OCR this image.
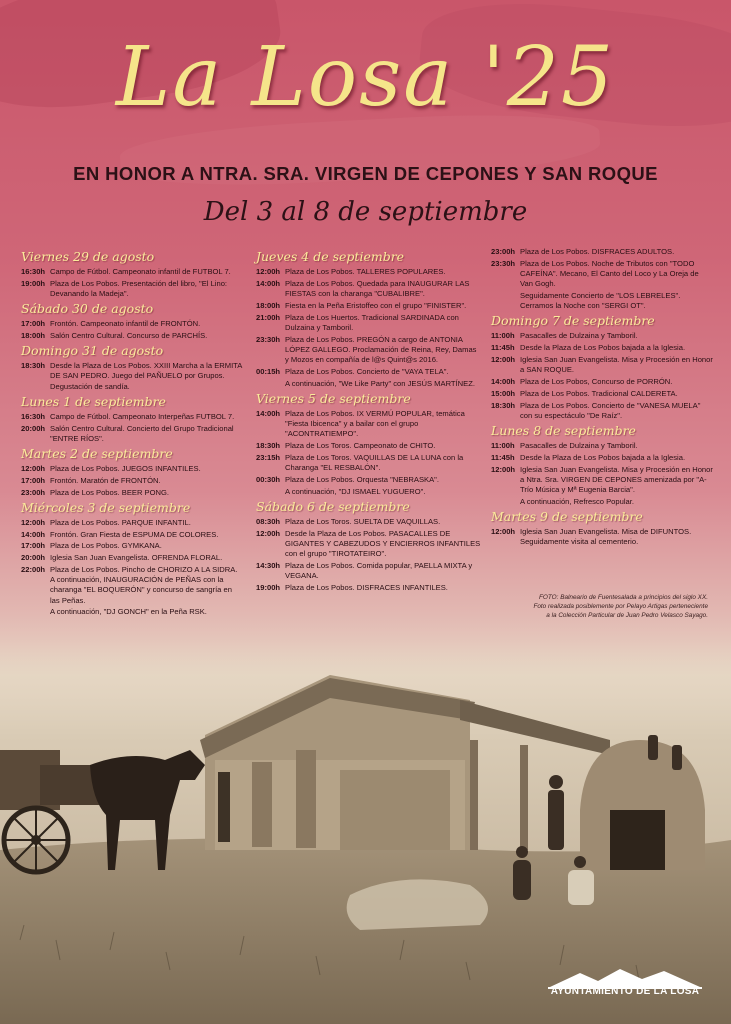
La Losa '25
EN HONOR A NTRA. SRA. VIRGEN DE CEPONES Y SAN ROQUE
Del 3 al 8 de septiembre
Viernes 29 de agosto
16:30h Campo de Fútbol. Campeonato infantil de FUTBOL 7.
19:00h Plaza de Los Pobos. Presentación del libro, "El Lino: Devanando la Madeja".
Sábado 30 de agosto
17:00h Frontón. Campeonato infantil de FRONTÓN.
18:00h Salón Centro Cultural. Concurso de PARCHÍS.
Domingo 31 de agosto
18:30h Desde la Plaza de Los Pobos. XXIII Marcha a la ERMITA DE SAN PEDRO. Juego del PAÑUELO por Grupos. Degustación de sandía.
Lunes 1 de septiembre
16:30h Campo de Fútbol. Campeonato Interpeñas FUTBOL 7.
20:00h Salón Centro Cultural. Concierto del Grupo Tradicional "ENTRE RÍOS".
Martes 2 de septiembre
12:00h Plaza de Los Pobos. JUEGOS INFANTILES.
17:00h Frontón. Maratón de FRONTÓN.
23:00h Plaza de Los Pobos. BEER PONG.
Miércoles 3 de septiembre
12:00h Plaza de Los Pobos. PARQUE INFANTIL.
14:00h Frontón. Gran Fiesta de ESPUMA DE COLORES.
17:00h Plaza de Los Pobos. GYMKANA.
20:00h Iglesia San Juan Evangelista. OFRENDA FLORAL.
22:00h Plaza de Los Pobos. Pincho de CHORIZO A LA SIDRA. A continuación, INAUGURACIÓN de PEÑAS con la charanga "EL BOQUERÓN" y concurso de sangría en las Peñas.
A continuación, "DJ GONCH" en la Peña RSK.
Jueves 4 de septiembre
12:00h Plaza de Los Pobos. TALLERES POPULARES.
14:00h Plaza de Los Pobos. Quedada para INAUGURAR LAS FIESTAS con la charanga "CUBALIBRE".
18:00h Fiesta en la Peña Eristoffeo con el grupo "FINISTER".
21:00h Plaza de Los Huertos. Tradicional SARDINADA con Dulzaina y Tamboril.
23:30h Plaza de Los Pobos. PREGÓN a cargo de ANTONIA LÓPEZ GALLEGO. Proclamación de Reina, Rey, Damas y Mozos en compañía de l@s Quint@s 2016.
00:15h Plaza de Los Pobos. Concierto de "VAYA TELA".
A continuación, "We Like Party" con JESÚS MARTÍNEZ.
Viernes 5 de septiembre
14:00h Plaza de Los Pobos. IX VERMÚ POPULAR, temática "Fiesta Ibicenca" y a bailar con el grupo "ACONTRATIEMPO".
18:30h Plaza de Los Toros. Campeonato de CHITO.
23:15h Plaza de Los Toros. VAQUILLAS DE LA LUNA con la Charanga "EL RESBALÓN".
00:30h Plaza de Los Pobos. Orquesta "NEBRASKA".
A continuación, "DJ ISMAEL YUGUERO".
Sábado 6 de septiembre
08:30h Plaza de Los Toros. SUELTA DE VAQUILLAS.
12:00h Desde la Plaza de Los Pobos. PASACALLES DE GIGANTES Y CABEZUDOS Y ENCIERROS INFANTILES con el grupo "TIROTATEIRO".
14:30h Plaza de Los Pobos. Comida popular, PAELLA MIXTA y VEGANA.
19:00h Plaza de Los Pobos. DISFRACES INFANTILES.
23:00h Plaza de Los Pobos. DISFRACES ADULTOS.
23:30h Plaza de Los Pobos. Noche de Tributos con "TODO CAFEÍNA". Mecano, El Canto del Loco y La Oreja de Van Gogh.
Seguidamente Concierto de "LOS LEBRELES". Cerramos la Noche con "SERGI OT".
Domingo 7 de septiembre
11:00h Pasacalles de Dulzaina y Tamboril.
11:45h Desde la Plaza de Los Pobos bajada a la Iglesia.
12:00h Iglesia San Juan Evangelista. Misa y Procesión en Honor a SAN ROQUE.
14:00h Plaza de Los Pobos, Concurso de PORRÓN.
15:00h Plaza de Los Pobos. Tradicional CALDERETA.
18:30h Plaza de Los Pobos. Concierto de "VANESA MUELA" con su espectáculo "De Raíz".
Lunes 8 de septiembre
11:00h Pasacalles de Dulzaina y Tamboril.
11:45h Desde la Plaza de Los Pobos bajada a la Iglesia.
12:00h Iglesia San Juan Evangelista. Misa y Procesión en Honor a Ntra. Sra. VIRGEN DE CEPONES amenizada por "A-Trío Música y Mª Eugenia Barcia".
A continuación, Refresco Popular.
Martes 9 de septiembre
12:00h Iglesia San Juan Evangelista. Misa de DIFUNTOS. Seguidamente visita al cementerio.
FOTO: Balneario de Fuentesalada a principios del siglo XX.
Foto realizada posiblemente por Pelayo Artigas perteneciente
a la Colección Particular de Juan Pedro Velasco Sayago.
AYUNTAMIENTO DE LA LOSA
